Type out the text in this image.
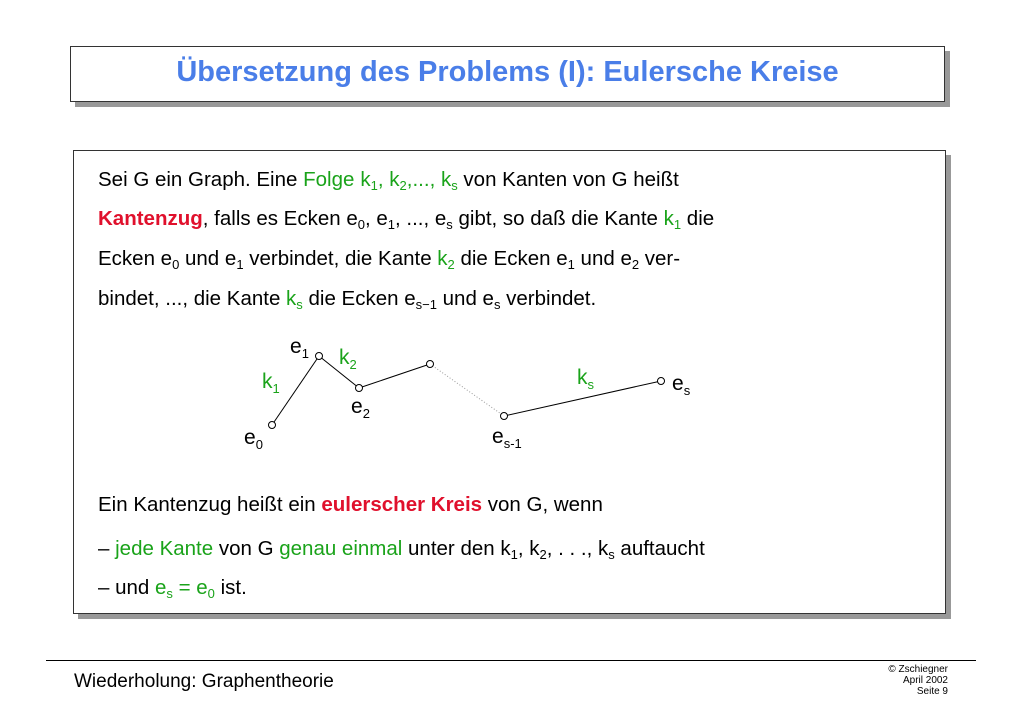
Übersetzung des Problems (I): Eulersche Kreise
Sei G ein Graph. Eine Folge $k_1$, $k_2$,..., $k_s$ von Kanten von G heißt
Kantenzug, falls es Ecken $e_0$, $e_1$, ..., $e_s$ gibt, so daß die Kante $k_1$ die
Ecken $e_0$ und $e_1$ verbindet, die Kante $k_2$ die Ecken $e_1$ und $e_2$ ver-
bindet, ..., die Kante $k_s$ die Ecken $e_{s-1}$ und $e_s$ verbindet.
$e_0$
$e_1$
$e_2$
$e_{s-1}$
$e_s$
$k_1$
$k_2$
$k_s$
Ein Kantenzug heißt ein eulerscher Kreis von G, wenn
– jede Kante von G genau einmal unter den $k_1$, $k_2$, . . ., $k_s$ auftaucht
– und $e_s = e_0$ ist.
Wiederholung: Graphentheorie
© Zschiegner
April 2002
Seite 9
